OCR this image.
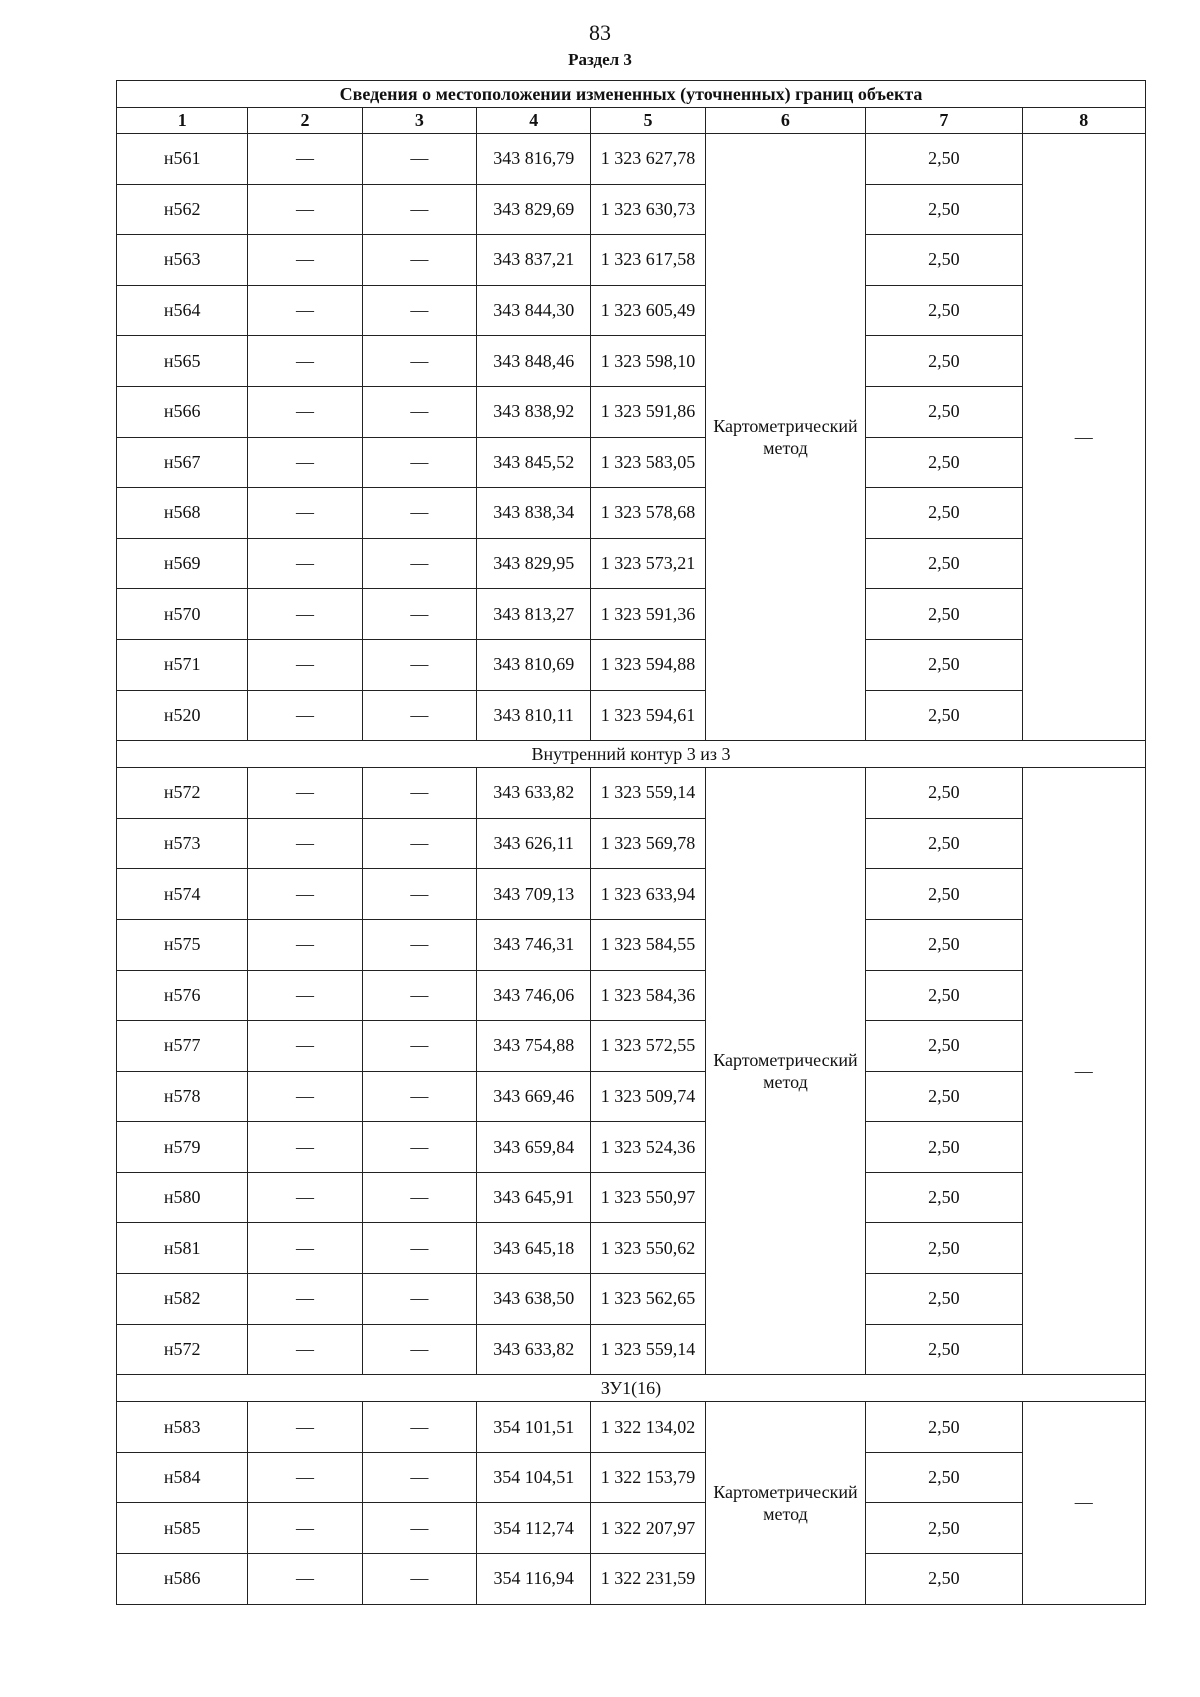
83
Раздел 3
Сведения о местоположении измененных (уточненных) границ объекта							
1	2	3	4	5	6	7	8
н561	—	—	343 816,79	1 323 627,78	Картометрический метод	2,50	—
н562	—	—	343 829,69	1 323 630,73		2,50	
н563	—	—	343 837,21	1 323 617,58		2,50	
н564	—	—	343 844,30	1 323 605,49		2,50	
н565	—	—	343 848,46	1 323 598,10		2,50	
н566	—	—	343 838,92	1 323 591,86		2,50	
н567	—	—	343 845,52	1 323 583,05		2,50	
н568	—	—	343 838,34	1 323 578,68		2,50	
н569	—	—	343 829,95	1 323 573,21		2,50	
н570	—	—	343 813,27	1 323 591,36		2,50	
н571	—	—	343 810,69	1 323 594,88		2,50	
н520	—	—	343 810,11	1 323 594,61		2,50	
Внутренний контур 3 из 3							
н572	—	—	343 633,82	1 323 559,14	Картометрический метод	2,50	—
н573	—	—	343 626,11	1 323 569,78		2,50	
н574	—	—	343 709,13	1 323 633,94		2,50	
н575	—	—	343 746,31	1 323 584,55		2,50	
н576	—	—	343 746,06	1 323 584,36		2,50	
н577	—	—	343 754,88	1 323 572,55		2,50	
н578	—	—	343 669,46	1 323 509,74		2,50	
н579	—	—	343 659,84	1 323 524,36		2,50	
н580	—	—	343 645,91	1 323 550,97		2,50	
н581	—	—	343 645,18	1 323 550,62		2,50	
н582	—	—	343 638,50	1 323 562,65		2,50	
н572	—	—	343 633,82	1 323 559,14		2,50	
ЗУ1(16)							
н583	—	—	354 101,51	1 322 134,02	Картометрический метод	2,50	—
н584	—	—	354 104,51	1 322 153,79		2,50	
н585	—	—	354 112,74	1 322 207,97		2,50	
н586	—	—	354 116,94	1 322 231,59		2,50	
